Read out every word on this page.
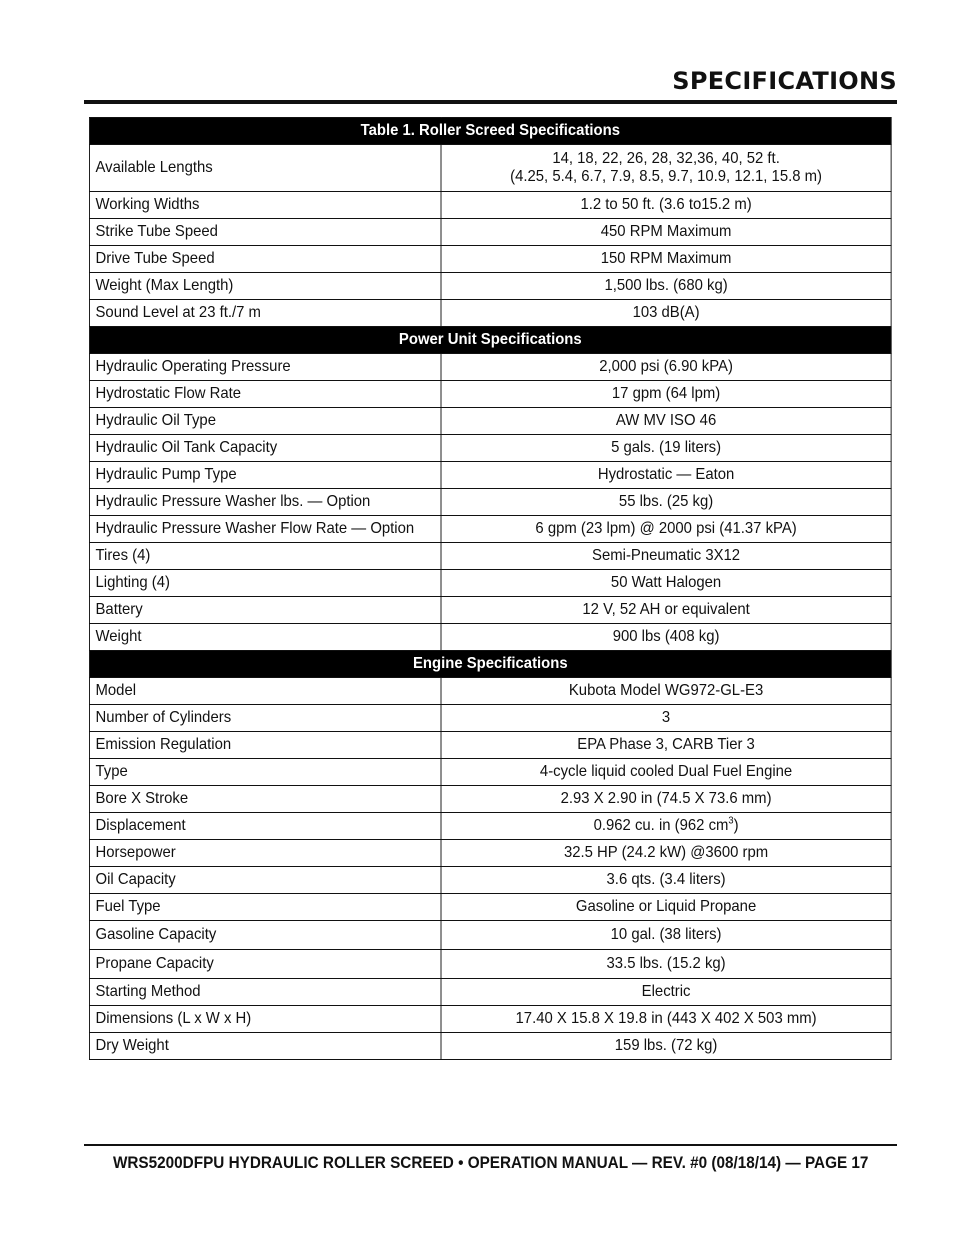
SPECIFICATIONS
Table 1. Roller Screed Specifications	
Available Lengths	14, 18, 22, 26, 28, 32,36, 40, 52 ft.
(4.25, 5.4, 6.7, 7.9, 8.5, 9.7, 10.9, 12.1, 15.8 m)

Working Widths	1.2 to 50 ft. (3.6 to15.2 m)
Strike Tube Speed	450 RPM Maximum
Drive Tube Speed	150 RPM Maximum
Weight (Max Length)	1,500 lbs. (680 kg)
Sound Level at 23 ft./7 m	103 dB(A)
Power Unit Specifications	
Hydraulic Operating Pressure	2,000 psi (6.90 kPA)
Hydrostatic Flow Rate	17 gpm (64 lpm)
Hydraulic Oil Type	AW MV ISO 46
Hydraulic Oil Tank Capacity	5 gals. (19 liters)
Hydraulic Pump Type	Hydrostatic — Eaton
Hydraulic Pressure Washer lbs. — Option	55 lbs. (25 kg)
Hydraulic Pressure Washer Flow Rate — Option	6 gpm (23 lpm) @ 2000 psi (41.37 kPA)
Tires (4)	Semi-Pneumatic 3X12
Lighting (4)	50 Watt Halogen
Battery	12 V, 52 AH or equivalent
Weight	900 lbs (408 kg)
Engine Specifications	
Model	Kubota Model WG972-GL-E3
Number of Cylinders	3
Emission Regulation	EPA Phase 3, CARB Tier 3
Type	4-cycle liquid cooled Dual Fuel Engine
Bore X Stroke	2.93 X 2.90 in (74.5 X 73.6 mm)
Displacement	0.962 cu. in (962 $cm^3$)
Horsepower	32.5 HP (24.2 kW) @3600 rpm
Oil Capacity	3.6 qts. (3.4 liters)
Fuel Type	Gasoline or Liquid Propane
Gasoline Capacity	10 gal. (38 liters)
Propane Capacity	33.5 lbs. (15.2 kg)
Starting Method	Electric
Dimensions (L x W x H)	17.40 X 15.8 X 19.8 in (443 X 402 X 503 mm)
Dry Weight	159 lbs. (72 kg)
WRS5200DFPU HYDRAULIC ROLLER SCREED • OPERATION MANUAL — REV. #0 (08/18/14) — PAGE 17
